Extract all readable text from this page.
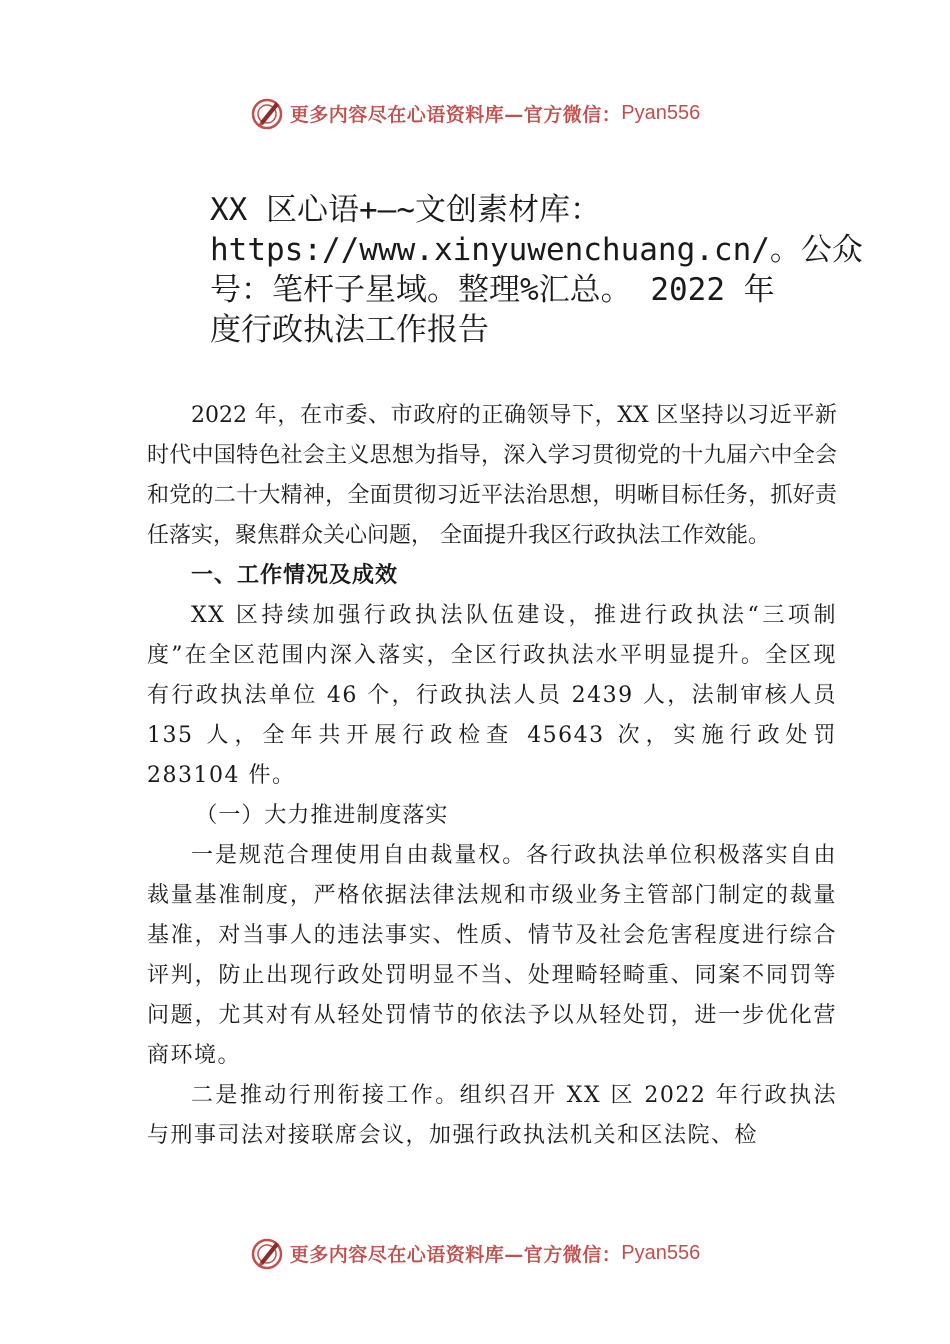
更多内容尽在心语资料库—官方微信： Pyan556
XX 区心语+—~文创素材库：
https://www.xinyuwenchuang.cn/。公众
号：笔杆子星域。整理%汇总。 2022 年
度行政执法工作报告

2022 年，在市委、市政府的正确领导下，XX 区坚持以习近平新时代中国特色社会主义思想为指导，深入学习贯彻党的十九届六中全会和党的二十大精神，全面贯彻习近平法治思想，明晰目标任务，抓好责任落实，聚焦群众关心问题， 全面提升我区行政执法工作效能。

一、工作情况及成效

XX 区持续加强行政执法队伍建设，推进行政执法“三项制度”在全区范围内深入落实，全区行政执法水平明显提升。全区现有行政执法单位 46 个，行政执法人员 2439 人，法制审核人员 135 人，全年共开展行政检查 45643 次，实施行政处罚 283104 件。

（一）大力推进制度落实

一是规范合理使用自由裁量权。各行政执法单位积极落实自由裁量基准制度，严格依据法律法规和市级业务主管部门制定的裁量基准，对当事人的违法事实、性质、情节及社会危害程度进行综合评判，防止出现行政处罚明显不当、处理畸轻畸重、同案不同罚等问题，尤其对有从轻处罚情节的依法予以从轻处罚，进一步优化营商环境。

二是推动行刑衔接工作。组织召开 XX 区 2022 年行政执法与刑事司法对接联席会议，加强行政执法机关和区法院、检

更多内容尽在心语资料库—官方微信： Pyan556
